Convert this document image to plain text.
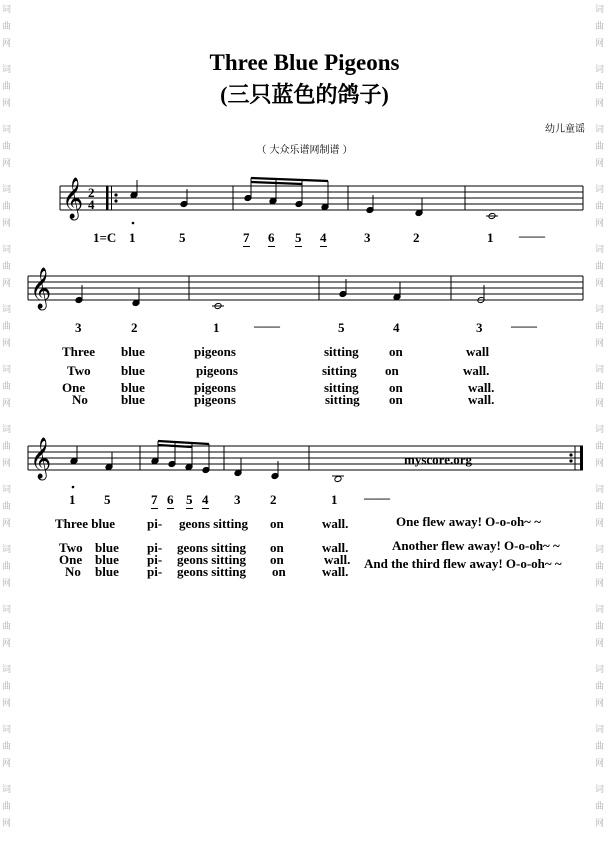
词
曲
网
词
曲
网
词
曲
网
词
曲
网
词
曲
网
词
曲
网
词
曲
网
词
曲
网
词
曲
网
词
曲
网
词
曲
网
词
曲
网
词
曲
网
词
曲
网
词
曲
网
词
曲
网
词
曲
网
词
曲
网
词
曲
网
词
曲
网
词
曲
网
词
曲
网
词
曲
网
词
曲
网
词
曲
网
词
曲
网
词
曲
网
词
曲
网
Three Blue Pigeons
(三只蓝色的鸽子)
幼儿童谣
（ 大众乐谱网制谱 ）
𝄞
𝄞
𝄞
2
4
1=C 1	5	7 6 5 4	3	2	1 ——
3	2	1	——	5	4	3 ——
Three blue	pigeons	sitting on	wall
Two blue	pigeons	sitting on	wall.
One	blue	pigeons	sitting on	wall.
No	blue	pigeons	sitting on	wall.
myscore.org
1 5	7 6 5 4 3 2	1 ——
Three blue pi- geons sitting on	wall.	One flew away! O-o-oh~ ~
Two blue pi- geons sitting on	wall.	Another flew away! O-o-oh~ ~
One blue pi- geons sitting on	wall. And the third flew away! O-o-oh~ ~
No blue pi- geons sitting on	wall.
